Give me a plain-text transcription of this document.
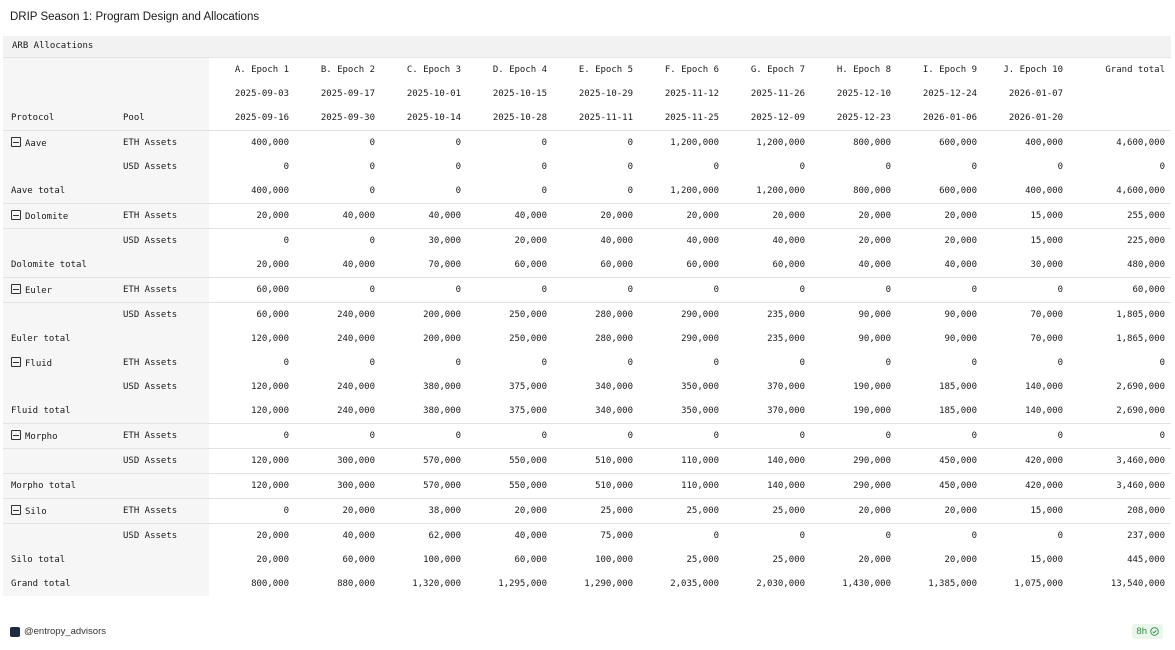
DRIP Season 1: Program Design and Allocations
ARB Allocations
		A. Epoch 1	B. Epoch 2	C. Epoch 3	D. Epoch 4	E. Epoch 5	F. Epoch 6	G. Epoch 7	H. Epoch 8	I. Epoch 9	J. Epoch 10	Grand total
		2025-09-03	2025-09-17	2025-10-01	2025-10-15	2025-10-29	2025-11-12	2025-11-26	2025-12-10	2025-12-24	2026-01-07	
Protocol	Pool	2025-09-16	2025-09-30	2025-10-14	2025-10-28	2025-11-11	2025-11-25	2025-12-09	2025-12-23	2026-01-06	2026-01-20	
Aave	ETH Assets	400,000	0	0	0	0	1,200,000	1,200,000	800,000	600,000	400,000	4,600,000
	USD Assets	0	0	0	0	0	0	0	0	0	0	0
Aave total		400,000	0	0	0	0	1,200,000	1,200,000	800,000	600,000	400,000	4,600,000
Dolomite	ETH Assets	20,000	40,000	40,000	40,000	20,000	20,000	20,000	20,000	20,000	15,000	255,000
	USD Assets	0	0	30,000	20,000	40,000	40,000	40,000	20,000	20,000	15,000	225,000
Dolomite total		20,000	40,000	70,000	60,000	60,000	60,000	60,000	40,000	40,000	30,000	480,000
Euler	ETH Assets	60,000	0	0	0	0	0	0	0	0	0	60,000
	USD Assets	60,000	240,000	200,000	250,000	280,000	290,000	235,000	90,000	90,000	70,000	1,805,000
Euler total		120,000	240,000	200,000	250,000	280,000	290,000	235,000	90,000	90,000	70,000	1,865,000
Fluid	ETH Assets	0	0	0	0	0	0	0	0	0	0	0
	USD Assets	120,000	240,000	380,000	375,000	340,000	350,000	370,000	190,000	185,000	140,000	2,690,000
Fluid total		120,000	240,000	380,000	375,000	340,000	350,000	370,000	190,000	185,000	140,000	2,690,000
Morpho	ETH Assets	0	0	0	0	0	0	0	0	0	0	0
	USD Assets	120,000	300,000	570,000	550,000	510,000	110,000	140,000	290,000	450,000	420,000	3,460,000
Morpho total		120,000	300,000	570,000	550,000	510,000	110,000	140,000	290,000	450,000	420,000	3,460,000
Silo	ETH Assets	0	20,000	38,000	20,000	25,000	25,000	25,000	20,000	20,000	15,000	208,000
	USD Assets	20,000	40,000	62,000	40,000	75,000	0	0	0	0	0	237,000
Silo total		20,000	60,000	100,000	60,000	100,000	25,000	25,000	20,000	20,000	15,000	445,000
Grand total		800,000	880,000	1,320,000	1,295,000	1,290,000	2,035,000	2,030,000	1,430,000	1,385,000	1,075,000	13,540,000
@entropy_advisors	8h
